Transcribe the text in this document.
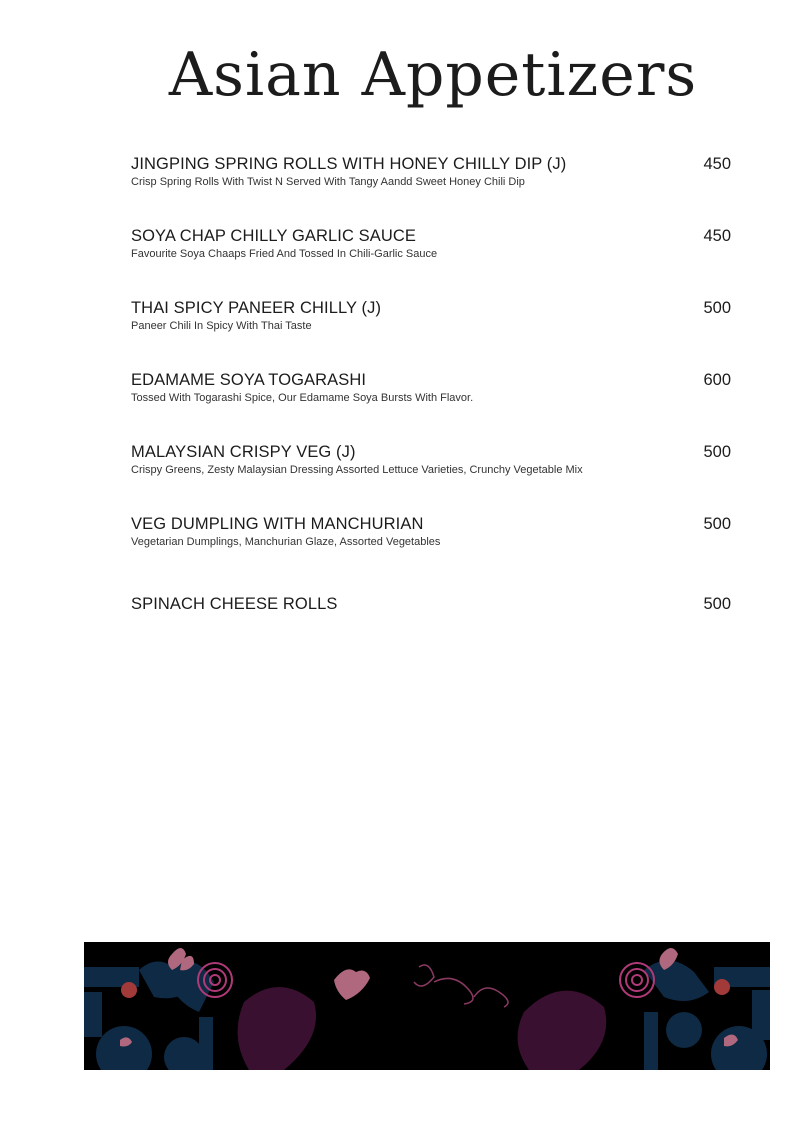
Asian Appetizers
JINGPING SPRING ROLLS WITH HONEY CHILLY DIP (J)
Crisp Spring Rolls With Twist N Served With Tangy Aandd Sweet Honey Chili Dip
450
SOYA CHAP CHILLY GARLIC SAUCE
Favourite Soya Chaaps Fried And Tossed In Chili-Garlic Sauce
450
THAI SPICY PANEER CHILLY (J)
Paneer Chili In Spicy With Thai Taste
500
EDAMAME SOYA TOGARASHI
Tossed With Togarashi Spice, Our Edamame Soya Bursts With Flavor.
600
MALAYSIAN CRISPY VEG (J)
Crispy Greens, Zesty Malaysian Dressing Assorted Lettuce Varieties, Crunchy Vegetable Mix
500
VEG DUMPLING WITH MANCHURIAN
Vegetarian Dumplings, Manchurian Glaze, Assorted Vegetables
500
SPINACH CHEESE ROLLS	500
